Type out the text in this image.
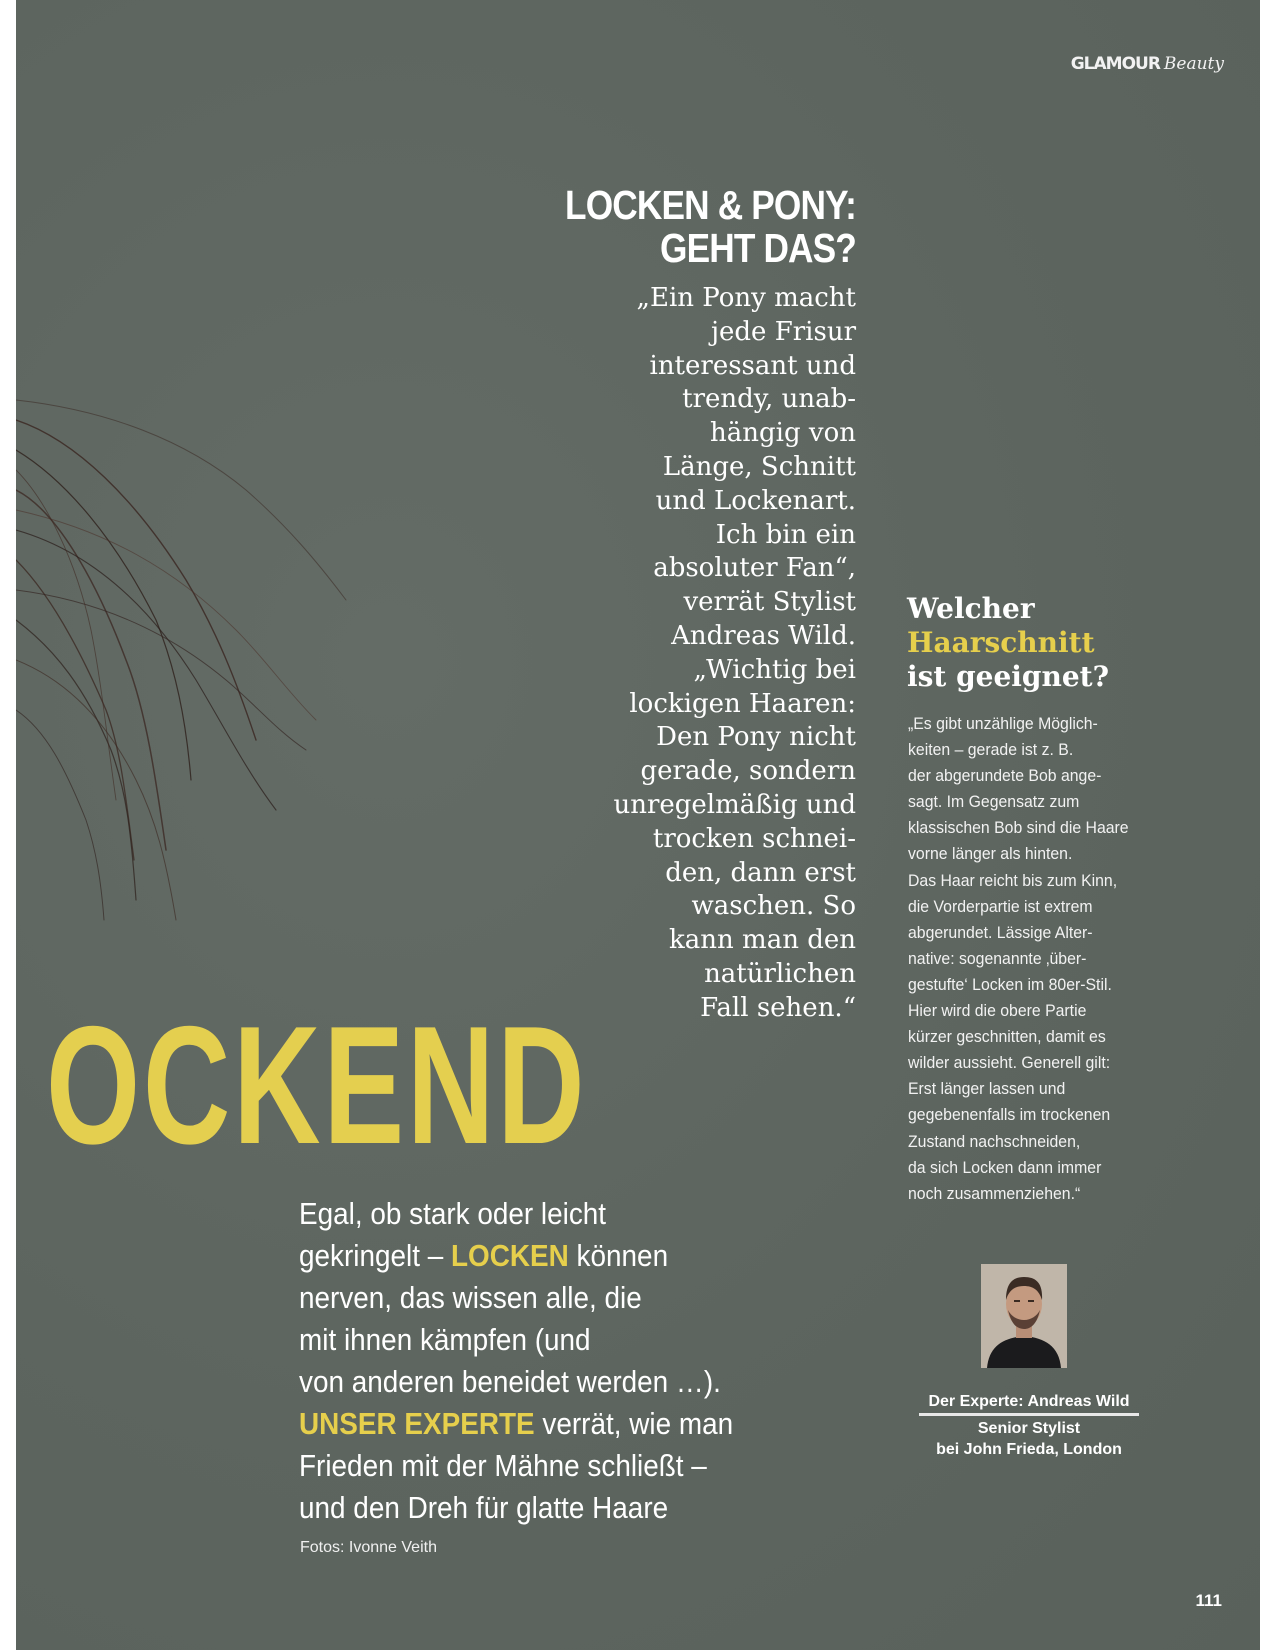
GLAMOUR Beauty
LOCKEN & PONY:
GEHT DAS?
„Ein Pony macht
jede Frisur
interessant und
trendy, unab-
hängig von
Länge, Schnitt
und Lockenart.
Ich bin ein
absoluter Fan“,
verrät Stylist
Andreas Wild.
„Wichtig bei
lockigen Haaren:
Den Pony nicht
gerade, sondern
unregelmäßig und
trocken schnei-
den, dann erst
waschen. So
kann man den
natürlichen
Fall sehen.“
Welcher
Haarschnitt
ist geeignet?
„Es gibt unzählige Möglich-
keiten – gerade ist z. B.
der abgerundete Bob ange-
sagt. Im Gegensatz zum
klassischen Bob sind die Haare
vorne länger als hinten.
Das Haar reicht bis zum Kinn,
die Vorderpartie ist extrem
abgerundet. Lässige Alter-
native: sogenannte ‚über-
gestufte‘ Locken im 80er-Stil.
Hier wird die obere Partie
kürzer geschnitten, damit es
wilder aussieht. Generell gilt:
Erst länger lassen und
gegebenenfalls im trockenen
Zustand nachschneiden,
da sich Locken dann immer
noch zusammenziehen.“
Der Experte: Andreas Wild
Senior Stylist
bei John Frieda, London
OCKEND
Egal, ob stark oder leicht
gekringelt – LOCKEN können
nerven, das wissen alle, die
mit ihnen kämpfen (und
von anderen beneidet werden …).
UNSER EXPERTE verrät, wie man
Frieden mit der Mähne schließt –
und den Dreh für glatte Haare
Fotos: Ivonne Veith
111
